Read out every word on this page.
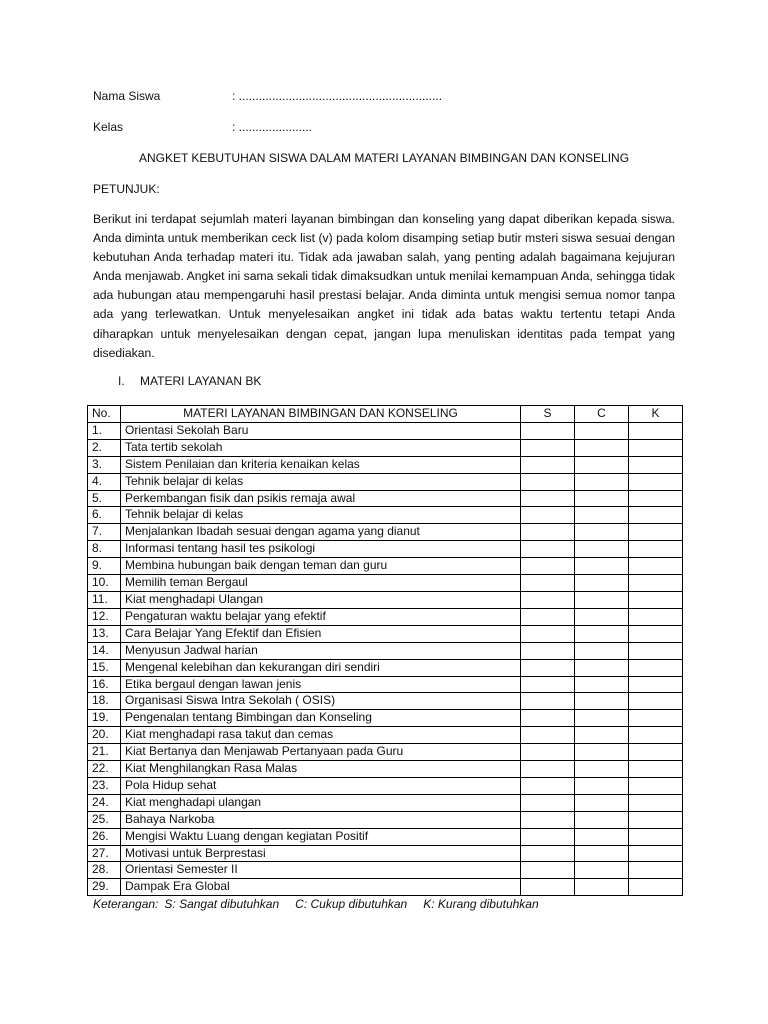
Nama Siswa	: .............................................................
Kelas	: ......................
ANGKET KEBUTUHAN SISWA DALAM MATERI LAYANAN BIMBINGAN DAN KONSELING
PETUNJUK:
Berikut ini terdapat sejumlah materi layanan bimbingan dan konseling yang dapat diberikan kepada siswa. Anda diminta untuk memberikan ceck list (v) pada kolom disamping setiap butir msteri siswa sesuai dengan kebutuhan Anda terhadap materi itu. Tidak ada jawaban salah, yang penting adalah bagaimana kejujuran Anda menjawab. Angket ini sama sekali tidak dimaksudkan untuk menilai kemampuan Anda, sehingga tidak ada hubungan atau mempengaruhi hasil prestasi belajar. Anda diminta untuk mengisi semua nomor tanpa ada yang terlewatkan. Untuk menyelesaikan angket ini tidak ada batas waktu tertentu tetapi Anda diharapkan untuk menyelesaikan dengan cepat, jangan lupa menuliskan identitas pada tempat yang disediakan.
I. MATERI LAYANAN BK
No.	MATERI LAYANAN BIMBINGAN DAN KONSELING	S	C	K
1.	Orientasi Sekolah Baru			
2.	Tata tertib sekolah			
3.	Sistem Penilaian dan kriteria kenaikan kelas			
4.	Tehnik belajar di kelas			
5.	Perkembangan fisik dan psikis remaja awal			
6.	Tehnik belajar di kelas			
7.	Menjalankan Ibadah sesuai dengan agama yang dianut			
8.	Informasi tentang hasil tes psikologi			
9.	Membina hubungan baik dengan teman dan guru			
10.	Memilih teman Bergaul			
11.	Kiat menghadapi Ulangan			
12.	Pengaturan waktu belajar yang efektif			
13.	Cara Belajar Yang Efektif dan Efisien			
14.	Menyusun Jadwal harian			
15.	Mengenal kelebihan dan kekurangan diri sendiri			
16.	Etika bergaul dengan lawan jenis			
18.	Organisasi Siswa Intra Sekolah ( OSIS)			
19.	Pengenalan tentang Bimbingan dan Konseling			
20.	Kiat menghadapi rasa takut dan cemas			
21.	Kiat Bertanya dan Menjawab Pertanyaan pada Guru			
22.	Kiat Menghilangkan Rasa Malas			
23.	Pola Hidup sehat			
24.	Kiat menghadapi ulangan			
25.	Bahaya Narkoba			
26.	Mengisi Waktu Luang dengan kegiatan Positif			
27.	Motivasi untuk Berprestasi			
28.	Orientasi Semester II			
29.	Dampak Era Global			
Keterangan: S: Sangat dibutuhkan C: Cukup dibutuhkan K: Kurang dibutuhkan
